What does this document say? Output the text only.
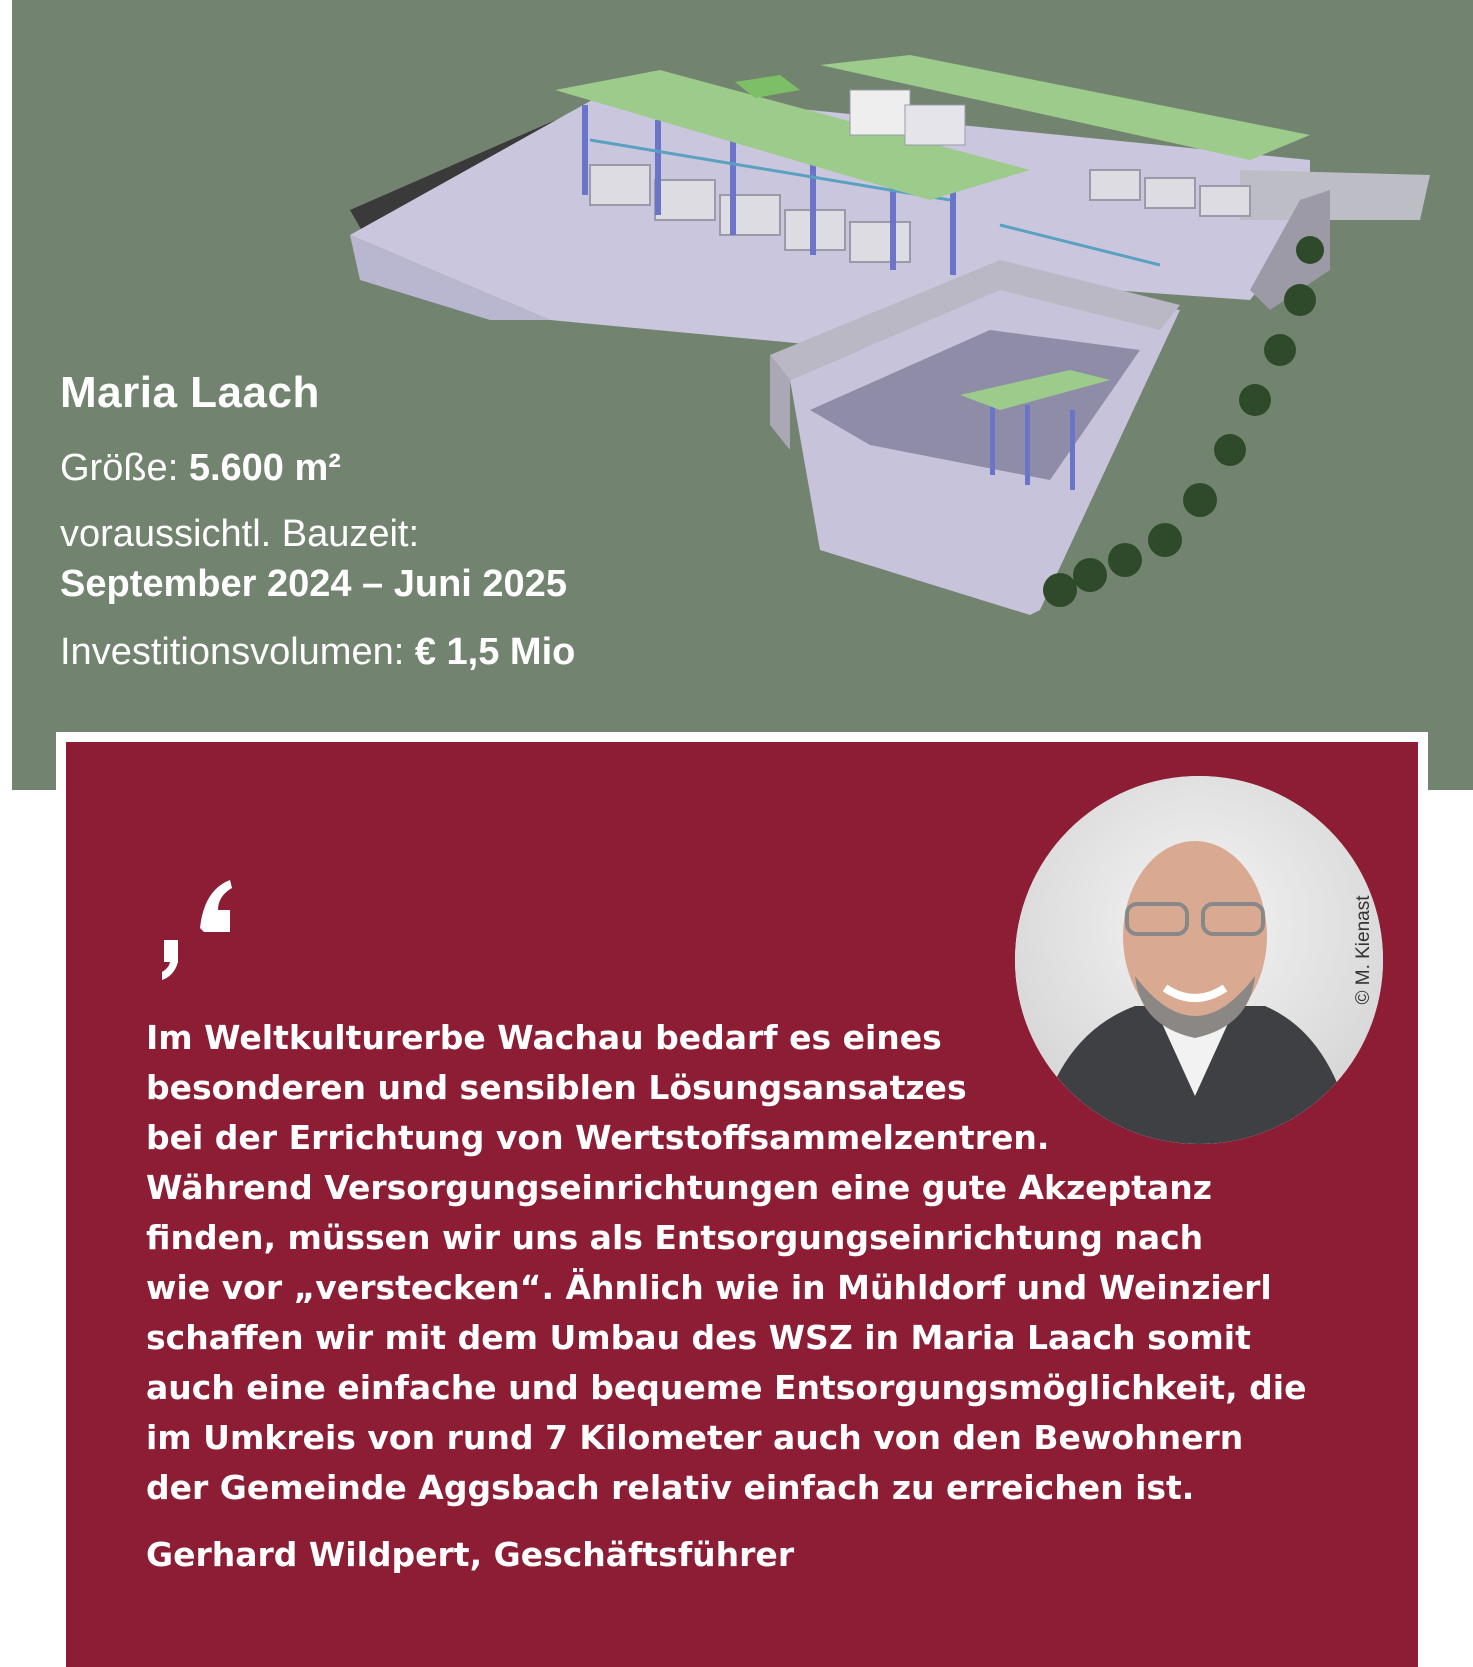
Maria Laach
Größe: 5.600 m²
voraussichtl. Bauzeit:
September 2024 – Juni 2025
Investitionsvolumen: € 1,5 Mio
© M. Kienast
Im Weltkulturerbe Wachau bedarf es eines
besonderen und sensiblen Lösungsansatzes
bei der Errichtung von Wertstoffsammelzentren.
Während Versorgungseinrichtungen eine gute Akzeptanz
finden, müssen wir uns als Entsorgungseinrichtung nach
wie vor „verstecken“. Ähnlich wie in Mühldorf und Weinzierl
schaffen wir mit dem Umbau des WSZ in Maria Laach somit
auch eine einfache und bequeme Entsorgungsmöglichkeit, die
im Umkreis von rund 7 Kilometer auch von den Bewohnern
der Gemeinde Aggsbach relativ einfach zu erreichen ist.
Gerhard Wildpert, Geschäftsführer
